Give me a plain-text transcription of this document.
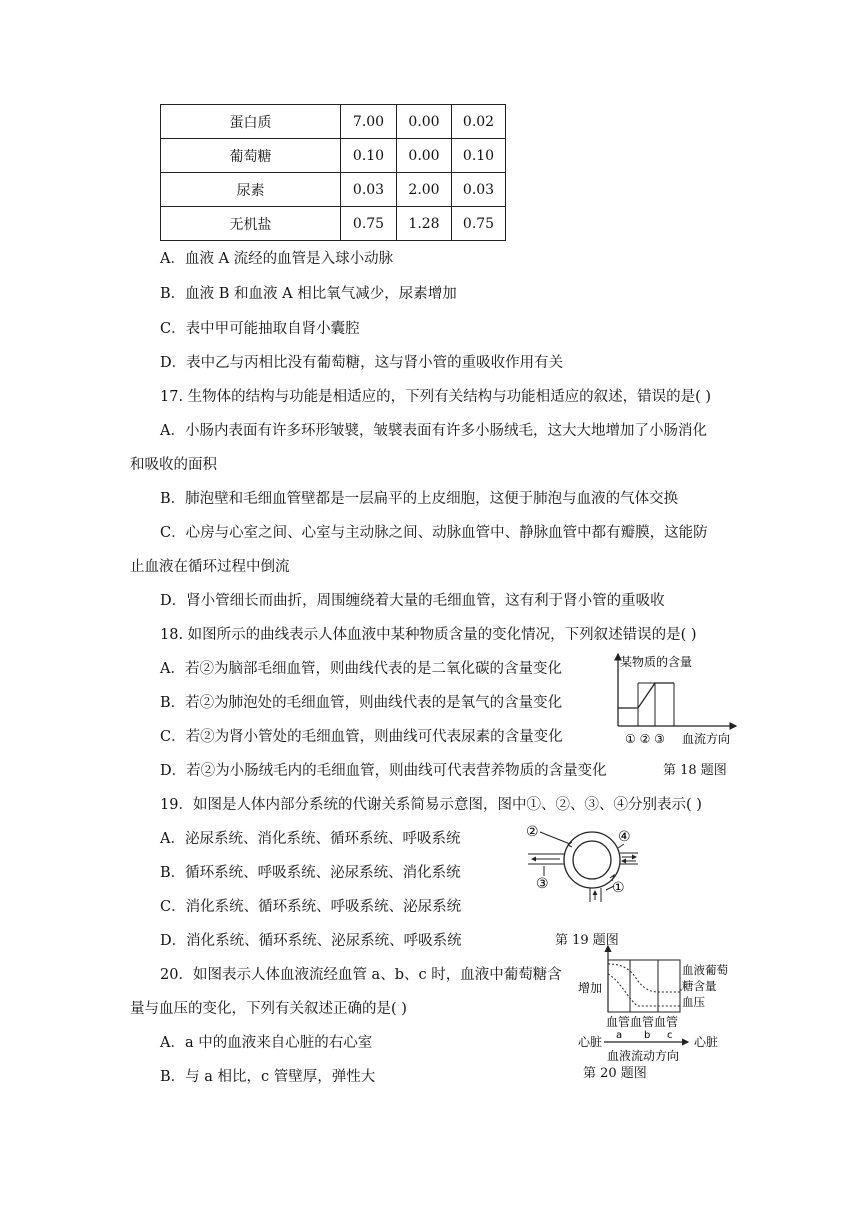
蛋白质	7.00	0.00	0.02
葡萄糖	0.10	0.00	0.10
尿素	0.03	2.00	0.03
无机盐	0.75	1.28	0.75
A．血液 A 流经的血管是入球小动脉
B．血液 B 和血液 A 相比氧气减少，尿素增加
C．表中甲可能抽取自肾小囊腔
D．表中乙与丙相比没有葡萄糖，这与肾小管的重吸收作用有关
17. 生物体的结构与功能是相适应的，下列有关结构与功能相适应的叙述，错误的是( )
A．小肠内表面有许多环形皱襞，皱襞表面有许多小肠绒毛，这大大地增加了小肠消化
和吸收的面积
B．肺泡壁和毛细血管壁都是一层扁平的上皮细胞，这便于肺泡与血液的气体交换
C．心房与心室之间、心室与主动脉之间、动脉血管中、静脉血管中都有瓣膜，这能防
止血液在循环过程中倒流
D．肾小管细长而曲折，周围缠绕着大量的毛细血管，这有利于肾小管的重吸收
18. 如图所示的曲线表示人体血液中某种物质含量的变化情况，下列叙述错误的是( )
A．若②为脑部毛细血管，则曲线代表的是二氧化碳的含量变化
B．若②为肺泡处的毛细血管，则曲线代表的是氧气的含量变化
C．若②为肾小管处的毛细血管，则曲线可代表尿素的含量变化
D．若②为小肠绒毛内的毛细血管，则曲线可代表营养物质的含量变化	第 18 题图
某物质的含量
① ② ③ 血流方向
19．如图是人体内部分系统的代谢关系简易示意图，图中①、②、③、④分别表示( )
A．泌尿系统、消化系统、循环系统、呼吸系统
B．循环系统、呼吸系统、泌尿系统、消化系统
C．消化系统、循环系统、呼吸系统、泌尿系统
D．消化系统、循环系统、泌尿系统、呼吸系统	第 19 题图
②	④
③	①
20．如图表示人体血液流经血管 a、b、c 时，血液中葡萄糖含
量与血压的变化，下列有关叙述正确的是( )
A．a 中的血液来自心脏的右心室
B．与 a 相比，c 管壁厚，弹性大	第 20 题图
增加
血液葡萄
糖含量
血压
血管血管血管
a b c
心脏	心脏
血液流动方向
